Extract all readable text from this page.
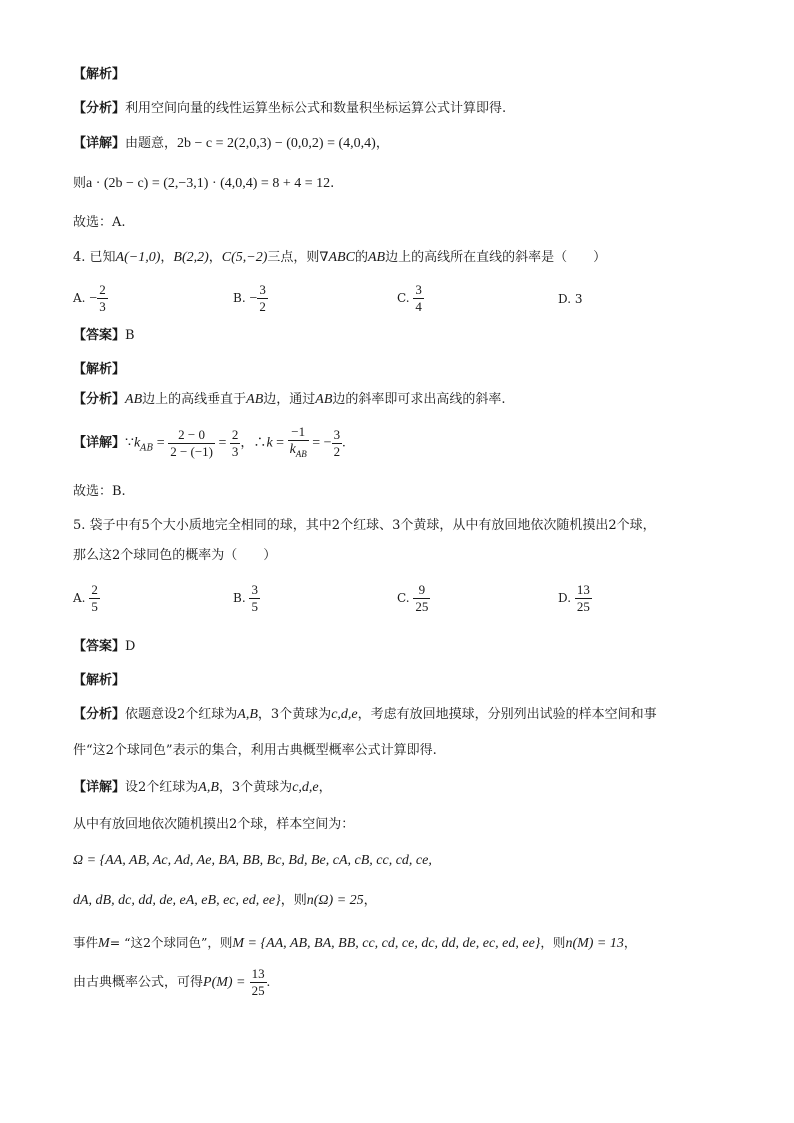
【解析】
【分析】利用空间向量的线性运算坐标公式和数量积坐标运算公式计算即得.
【详解】由题意，2b − c = 2(2,0,3) − (0,0,2) = (4,0,4)，
则a · (2b − c) = (2,−3,1) · (4,0,4) = 8 + 4 = 12.
故选：A.
4. 已知A(−1,0)，B(2,2)，C(5,−2)三点，则∇ABC的AB边上的高线所在直线的斜率是（　　）
A. − $\frac{2}{3}$	B. − $\frac{3}{2}$	C. $\frac{3}{4}$	D. 3
【答案】B
【解析】
【分析】AB边上的高线垂直于AB边，通过AB边的斜率即可求出高线的斜率.
【详解】$\because k_{AB} = \frac{2 - 0}{2 - (-1)} = \frac{2}{3}$ ，∴k = $\frac{-1}{k_{AB}}$ = − $\frac{3}{2}$ .
故选：B.
5. 袋子中有5个大小质地完全相同的球，其中2个红球、3个黄球，从中有放回地依次随机摸出2个球，
那么这2个球同色的概率为（　　）
A. $\frac{2}{5}$	B. $\frac{3}{5}$	C. $\frac{9}{25}$	D. $\frac{13}{25}$
【答案】D
【解析】
【分析】依题意设2个红球为A,B，3个黄球为c,d,e，考虑有放回地摸球，分别列出试验的样本空间和事
件“这2个球同色”表示的集合，利用古典概型概率公式计算即得.
【详解】设2个红球为A,B，3个黄球为c,d,e，
从中有放回地依次随机摸出2个球，样本空间为：
Ω = {AA, AB, Ac, Ad, Ae, BA, BB, Bc, Bd, Be, cA, cB, cc, cd, ce,
dA, dB, dc, dd, de, eA, eB, ec, ed, ee}，则n(Ω) = 25，
事件M= “这2个球同色”，则M = {AA, AB, BA, BB, cc, cd, ce, dc, dd, de, ec, ed, ee}，则n(M) = 13，
由古典概率公式，可得$P(M) = \frac{13}{25}$ .
